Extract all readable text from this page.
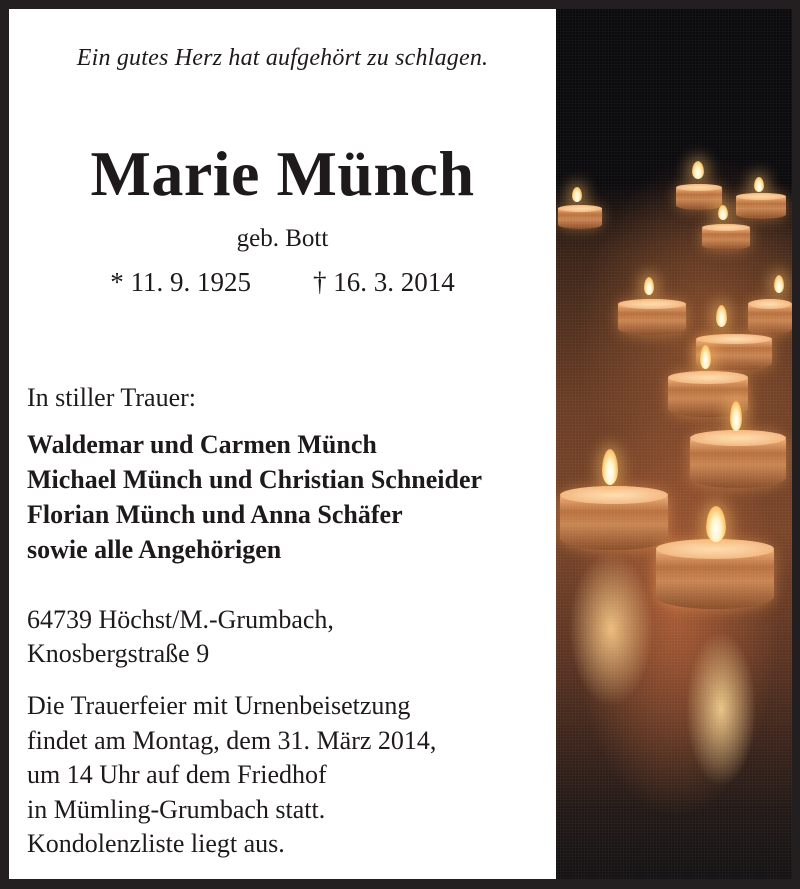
Ein gutes Herz hat aufgehört zu schlagen.
Marie Münch
geb. Bott
* 11. 9. 1925 † 16. 3. 2014
In stiller Trauer:
Waldemar und Carmen Münch
Michael Münch und Christian Schneider
Florian Münch und Anna Schäfer
sowie alle Angehörigen
64739 Höchst/M.-Grumbach,
Knosbergstraße 9
Die Trauerfeier mit Urnenbeisetzung
findet am Montag, dem 31. März 2014,
um 14 Uhr auf dem Friedhof
in Mümling-Grumbach statt.
Kondolenzliste liegt aus.
